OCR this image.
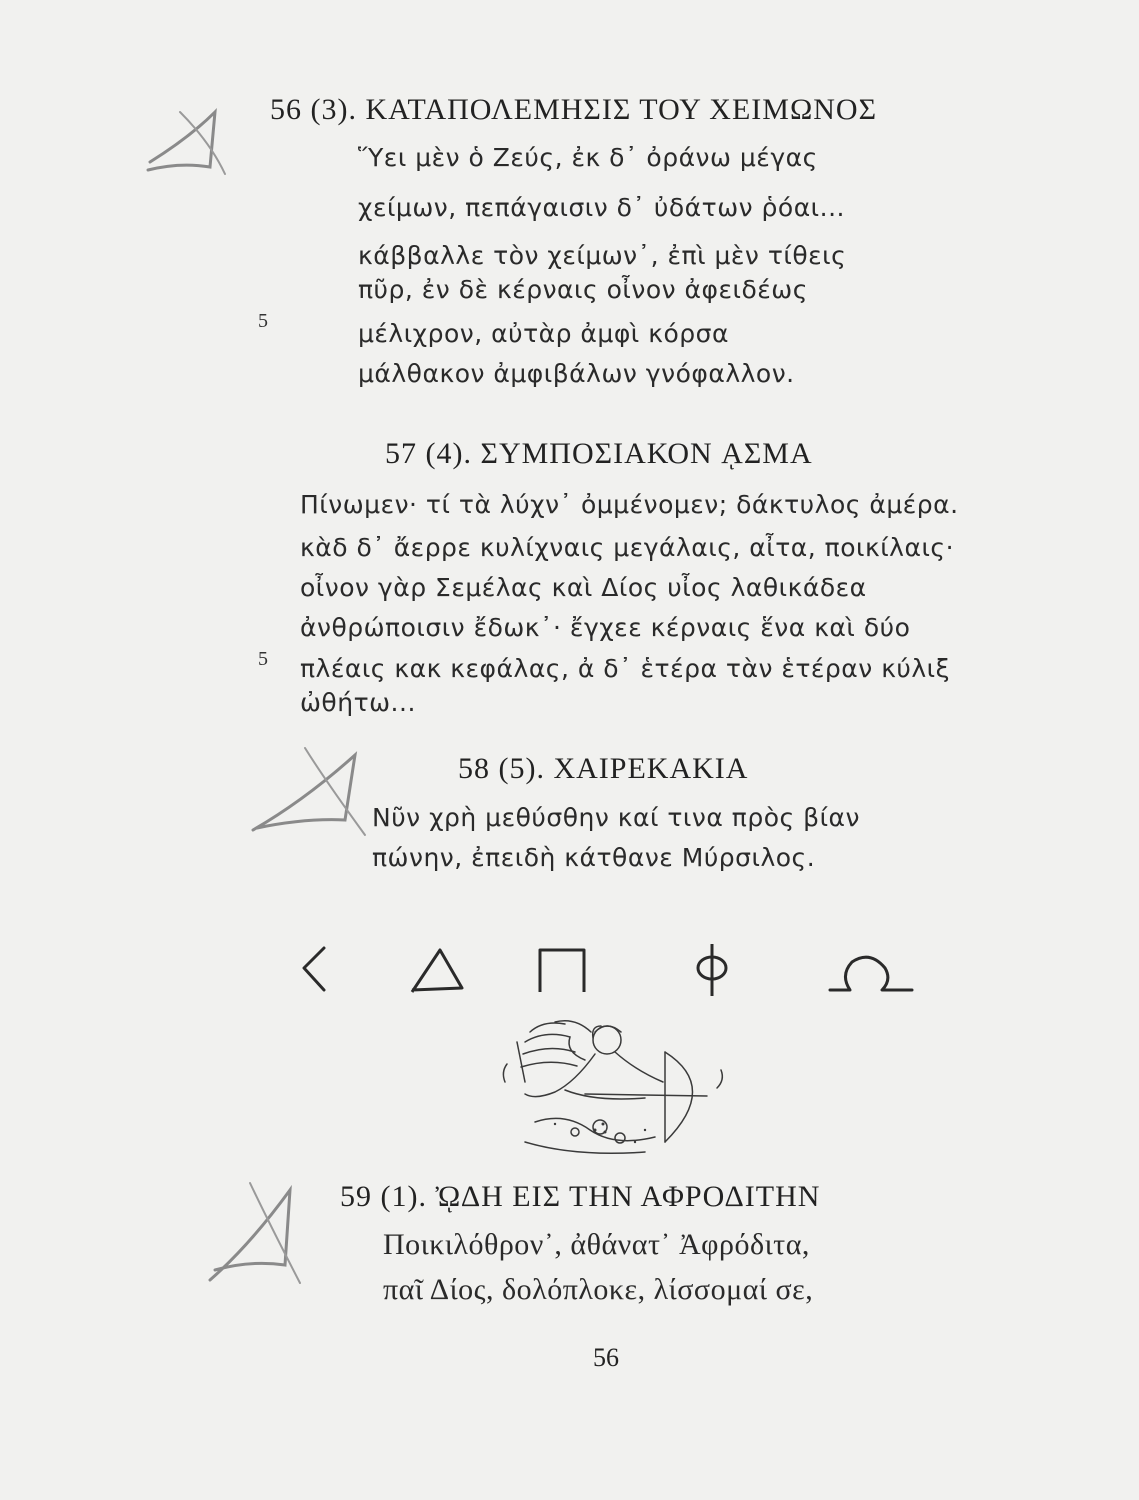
56 (3). ΚΑΤΑΠΟΛΕΜΗΣΙΣ ΤΟΥ ΧΕΙΜΩΝΟΣ
Ὕει μὲν ὁ Ζεύς, ἐκ δ᾽ ὀράνω μέγας
χείμων, πεπάγαισιν δ᾽ ὐδάτων ῥόαι...
κάββαλλε τὸν χείμων᾽, ἐπὶ μὲν τίθεις
πῦρ, ἐν δὲ κέρναις οἶνον ἀφειδέως
μέλιχρον, αὐτὰρ ἀμφὶ κόρσα
μάλθακον ἀμφιβάλων γνόφαλλον.
5
57 (4). ΣΥΜΠΟΣΙΑΚΟΝ ᾼΣΜΑ
Πίνωμεν· τί τὰ λύχν᾽ ὀμμένομεν; δάκτυλος ἀμέρα.
κὰδ δ᾽ ἄερρε κυλίχναις μεγάλαις, αἶτα, ποικίλαις·
οἶνον γὰρ Σεμέλας καὶ Δίος υἶος λαθικάδεα
ἀνθρώποισιν ἔδωκ᾽· ἔγχεε κέρναις ἕνα καὶ δύο
πλέαις κακ κεφάλας, ἀ δ᾽ ἑτέρα τὰν ἑτέραν κύλιξ
ὠθήτω...
5
58 (5). ΧΑΙΡΕΚΑΚΙΑ
Νῦν χρὴ μεθύσθην καί τινα πρὸς βίαν
πώνην, ἐπειδὴ κάτθανε Μύρσιλος.
59 (1). ᾨΔΗ ΕΙΣ ΤΗΝ ΑΦΡΟΔΙΤΗΝ
Ποικιλόθρον᾽, ἀθάνατ᾽ Ἀφρόδιτα,
παῖ Δίος, δολόπλοκε, λίσσομαί σε,
56
